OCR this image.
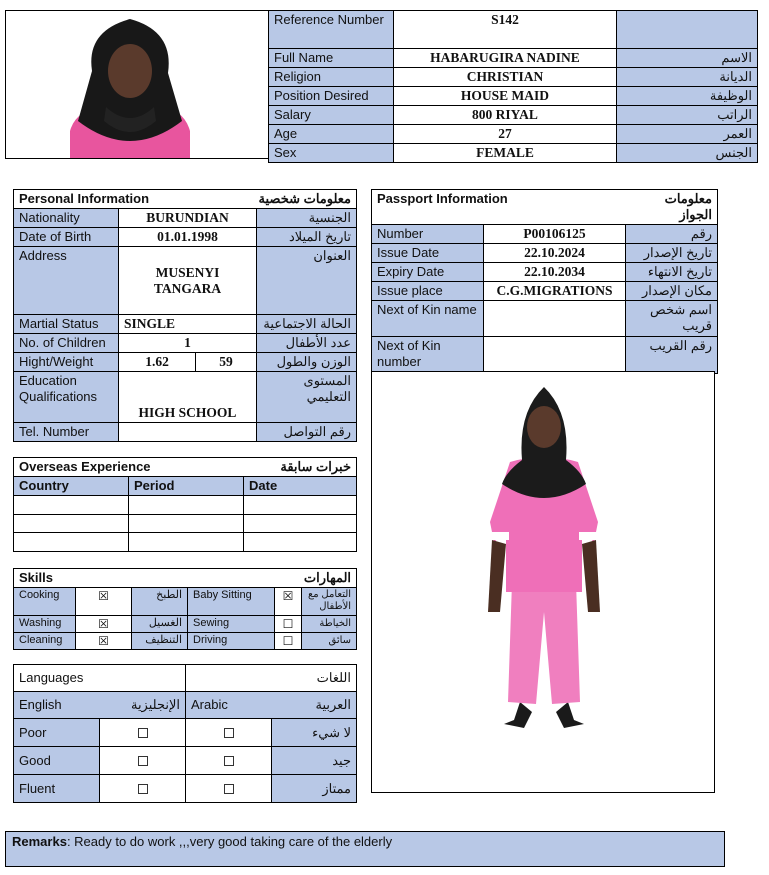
Reference Number	S142	
Full Name	HABARUGIRA NADINE	الاسم
Religion	CHRISTIAN	الديانة
Position Desired	HOUSE MAID	الوظيفة
Salary	800 RIYAL	الراتب
Age	27	العمر
Sex	FEMALE	الجنس
Personal Information		معلومات شخصية	
Nationality	BURUNDIAN		الجنسية
Date of Birth	01.01.1998		تاريخ الميلاد
Address	MUSENYI TANGARA		العنوان
Martial Status	SINGLE		الحالة الاجتماعية
No. of Children	1		عدد الأطفال
Hight/Weight	1.62	59	الوزن والطول
Education Qualifications	HIGH SCHOOL		المستوى التعليمي
Tel. Number			رقم التواصل
Passport Information		معلومات الجواز
Number	P00106125	رقم
Issue Date	22.10.2024	تاريخ الإصدار
Expiry Date	22.10.2034	تاريخ الانتهاء
Issue place	C.G.MIGRATIONS	مكان الإصدار
Next of Kin name		اسم شخص قريب
Next of Kin number		رقم القريب
Overseas Experience		خبرات سابقة
Country	Period	Date

Skills			المهارات		
Cooking	☒	الطبخ	Baby Sitting	☒	التعامل مع الأطفال
Washing	☒	الغسيل	Sewing	☐	الخياطة
Cleaning	☒	التنظيف	Driving	☐	سائق
Languages		اللغات	
English	الإنجليزية	Arabic	العربية
Poor			لا شيء
Good			جيد
Fluent			ممتاز
Remarks: Ready to do work ,,,very good taking care of the elderly
